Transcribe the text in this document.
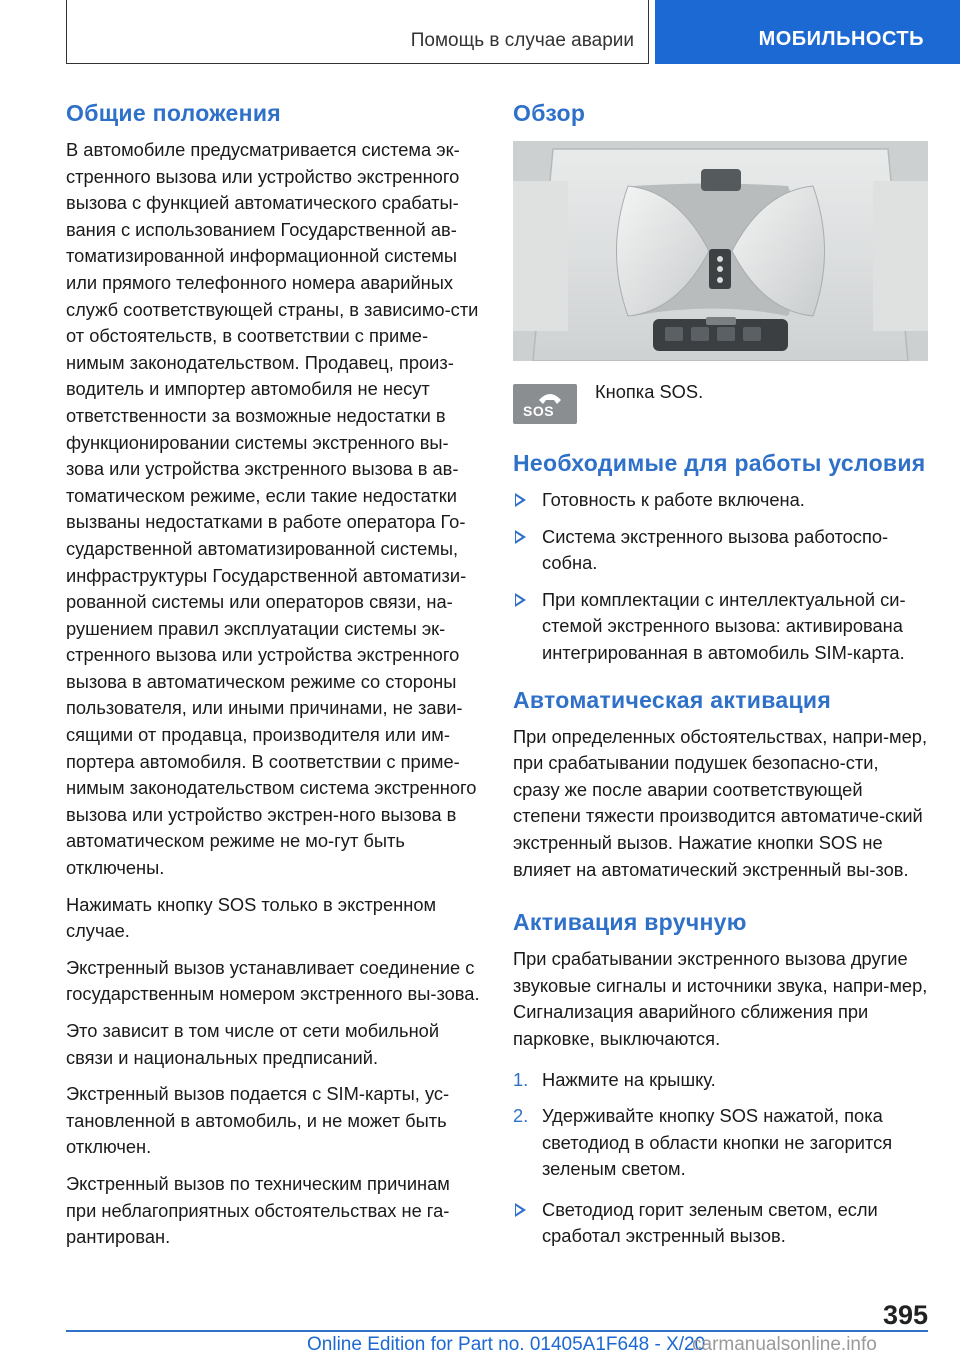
Помощь в случае аварии	МОБИЛЬНОСТЬ
Общие положения

В автомобиле предусматривается система эк-стренного вызова или устройство экстренного вызова с функцией автоматического срабаты-вания с использованием Государственной ав-томатизированной информационной системы или прямого телефонного номера аварийных служб соответствующей страны, в зависимо-сти от обстоятельств, в соответствии с приме-нимым законодательством. Продавец, произ-водитель и импортер автомобиля не несут ответственности за возможные недостатки в функционировании системы экстренного вы-зова или устройства экстренного вызова в ав-томатическом режиме, если такие недостатки вызваны недостатками в работе оператора Го-сударственной автоматизированной системы, инфраструктуры Государственной автоматизи-рованной системы или операторов связи, на-рушением правил эксплуатации системы эк-стренного вызова или устройства экстренного вызова в автоматическом режиме со стороны пользователя, или иными причинами, не зави-сящими от продавца, производителя или им-портера автомобиля. В соответствии с приме-нимым законодательством система экстренного вызова или устройство экстрен-ного вызова в автоматическом режиме не мо-гут быть отключены.

Нажимать кнопку SOS только в экстренном случае.

Экстренный вызов устанавливает соединение с государственным номером экстренного вы-зова.

Это зависит в том числе от сети мобильной связи и национальных предписаний.

Экстренный вызов подается с SIM-карты, ус-тановленной в автомобиль, и не может быть отключен.

Экстренный вызов по техническим причинам при неблагоприятных обстоятельствах не га-рантирован.

Обзор
SOS
Кнопка SOS.
Необходимые для работы условия
Готовность к работе включена.
Система экстренного вызова работоспо-собна.
При комплектации с интеллектуальной си-стемой экстренного вызова: активирована интегрированная в автомобиль SIM-карта.
Автоматическая активация

При определенных обстоятельствах, напри-мер, при срабатывании подушек безопасно-сти, сразу же после аварии соответствующей степени тяжести производится автоматиче-ский экстренный вызов. Нажатие кнопки SOS не влияет на автоматический экстренный вы-зов.

Активация вручную

При срабатывании экстренного вызова другие звуковые сигналы и источники звука, напри-мер, Сигнализация аварийного сближения при парковке, выключаются.

1. Нажмите на крышку.
2. Удерживайте кнопку SOS нажатой, пока светодиод в области кнопки не загорится зеленым светом.
Светодиод горит зеленым светом, если сработал экстренный вызов.
395
Online Edition for Part no. 01405A1F648 - X/20
carmanualsonline.info
